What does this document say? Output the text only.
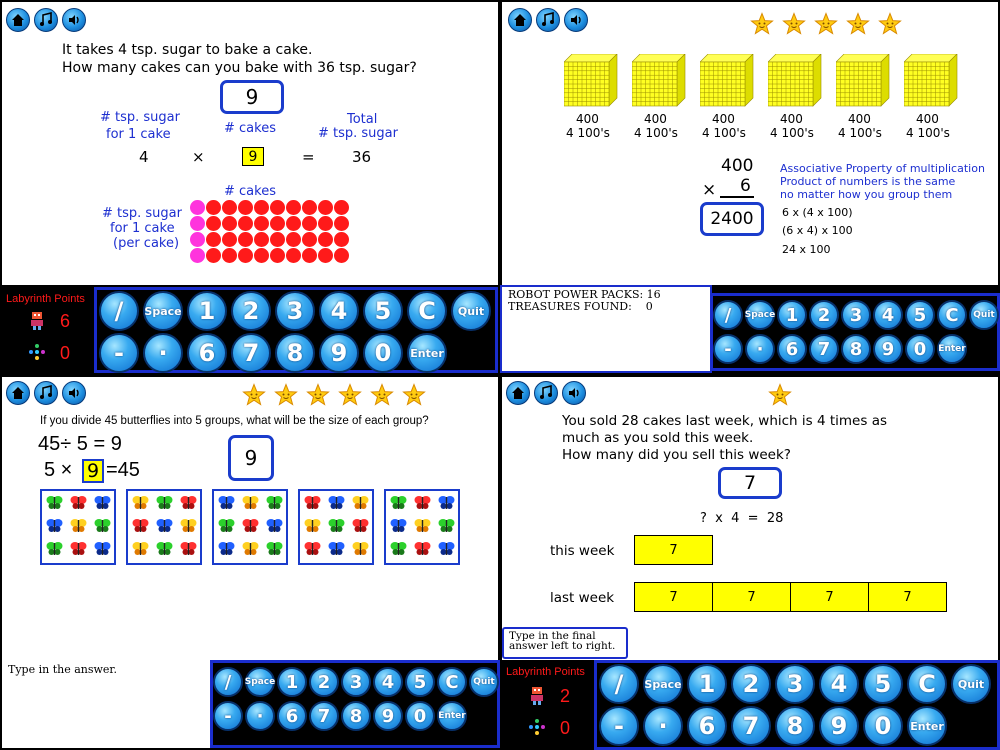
It takes 4 tsp. sugar to bake a cake.
How many cakes can you bake with 36 tsp. sugar?
9
# tsp. sugar
for 1 cake	# cakes
Total
# tsp. sugar
4	×	9	= 36
# cakes
# tsp. sugar
for 1 cake
(per cake)
Labyrinth Points
6
0
/	Space 1	2	3	4	5	C	Quit
-	·	6	7	8	9	0	Enter
400
4 100's
400
4 100's
400
4 100's
400
4 100's
400
4 100's
400
4 100's
400
× 6
2400
Associative Property of multiplication
Product of numbers is the same
no matter how you group them
6 x (4 x 100)
(6 x 4) x 100
24 x 100
ROBOT POWER PACKS: 16
TREASURES FOUND:    0	/	Space 1	2	3	4	5	C	Quit
-	·	6	7	8	9	0	Enter
If you divide 45 butterflies into 5 groups, what will be the size of each group?
45÷ 5 = 9
5 × 9 =45	9
Type in the answer.
/	Space 1	2	3	4	5	C	Quit
-	·	6	7	8	9	0	Enter
You sold 28 cakes last week, which is 4 times as
much as you sold this week.
How many did you sell this week?
7
?  x  4  =  28
this week	7
last week	7	7	7	7
Type in the final
answer left to right.
Labyrinth Points
2
0
/	Space 1	2	3	4	5	C	Quit
-	·	6	7	8	9	0	Enter
